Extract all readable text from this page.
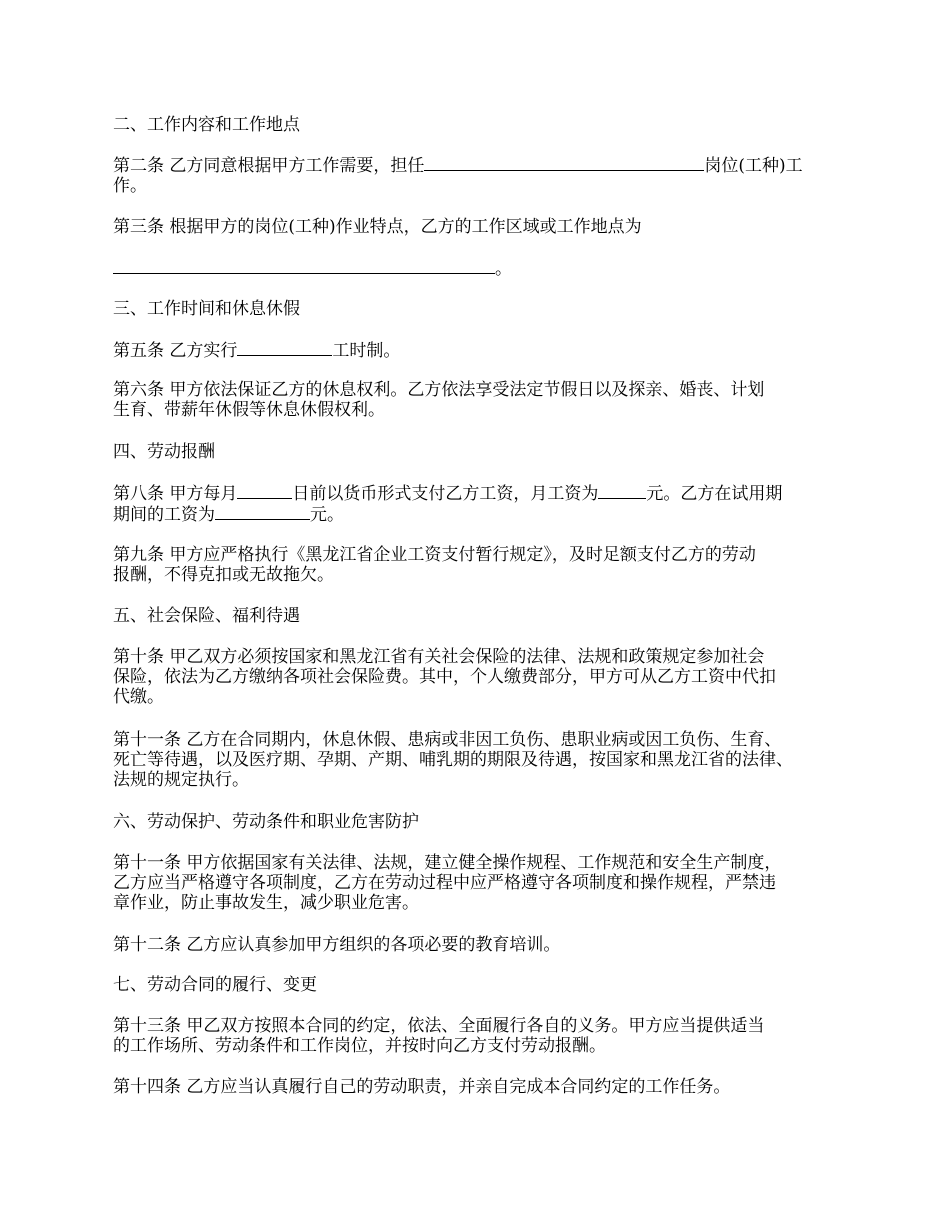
二、工作内容和工作地点
第二条 乙方同意根据甲方工作需要，担任	岗位(工种)工
作。
第三条 根据甲方的岗位(工种)作业特点，乙方的工作区域或工作地点为
。
三、工作时间和休息休假
第五条 乙方实行	工时制。
第六条 甲方依法保证乙方的休息权利。乙方依法享受法定节假日以及探亲、婚丧、计划
生育、带薪年休假等休息休假权利。
四、劳动报酬
第八条 甲方每月	日前以货币形式支付乙方工资，月工资为	元。乙方在试用期
期间的工资为	元。
第九条 甲方应严格执行《黑龙江省企业工资支付暂行规定》，及时足额支付乙方的劳动
报酬，不得克扣或无故拖欠。
五、社会保险、福利待遇
第十条 甲乙双方必须按国家和黑龙江省有关社会保险的法律、法规和政策规定参加社会
保险，依法为乙方缴纳各项社会保险费。其中，个人缴费部分，甲方可从乙方工资中代扣
代缴。
第十一条 乙方在合同期内，休息休假、患病或非因工负伤、患职业病或因工负伤、生育、
死亡等待遇，以及医疗期、孕期、产期、哺乳期的期限及待遇，按国家和黑龙江省的法律、
法规的规定执行。
六、劳动保护、劳动条件和职业危害防护
第十一条 甲方依据国家有关法律、法规，建立健全操作规程、工作规范和安全生产制度，
乙方应当严格遵守各项制度，乙方在劳动过程中应严格遵守各项制度和操作规程，严禁违
章作业，防止事故发生，减少职业危害。
第十二条 乙方应认真参加甲方组织的各项必要的教育培训。
七、劳动合同的履行、变更
第十三条 甲乙双方按照本合同的约定，依法、全面履行各自的义务。甲方应当提供适当
的工作场所、劳动条件和工作岗位，并按时向乙方支付劳动报酬。
第十四条 乙方应当认真履行自己的劳动职责，并亲自完成本合同约定的工作任务。
